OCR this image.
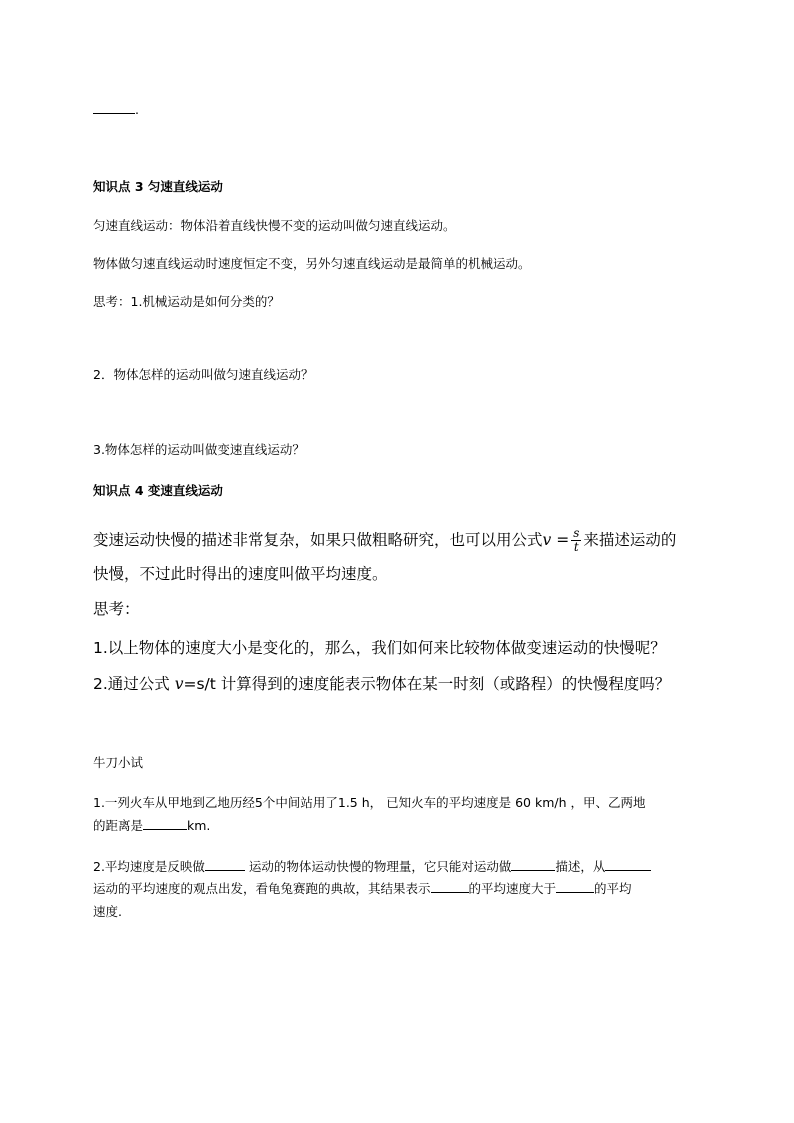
.
知识点 3 匀速直线运动
匀速直线运动：物体沿着直线快慢不变的运动叫做匀速直线运动。
物体做匀速直线运动时速度恒定不变，另外匀速直线运动是最简单的机械运动。
思考：1.机械运动是如何分类的？
2．物体怎样的运动叫做匀速直线运动？
3.物体怎样的运动叫做变速直线运动？
知识点 4 变速直线运动
变速运动快慢的描述非常复杂，如果只做粗略研究，也可以用公式$v = \frac{s}{t}$ 来描述运动的
快慢，不过此时得出的速度叫做平均速度。
思考：
1.以上物体的速度大小是变化的，那么，我们如何来比较物体做变速运动的快慢呢？
2.通过公式 v=s/t 计算得到的速度能表示物体在某一时刻（或路程）的快慢程度吗？
牛刀小试
1.一列火车从甲地到乙地历经5个中间站用了1.5 h， 已知火车的平均速度是 60 km/h ，甲、乙两地
的距离是	km.
2.平均速度是反映做	运动的物体运动快慢的物理量，它只能对运动做	描述，从
运动的平均速度的观点出发，看龟兔赛跑的典故，其结果表示	的平均速度大于	的平均
速度.
